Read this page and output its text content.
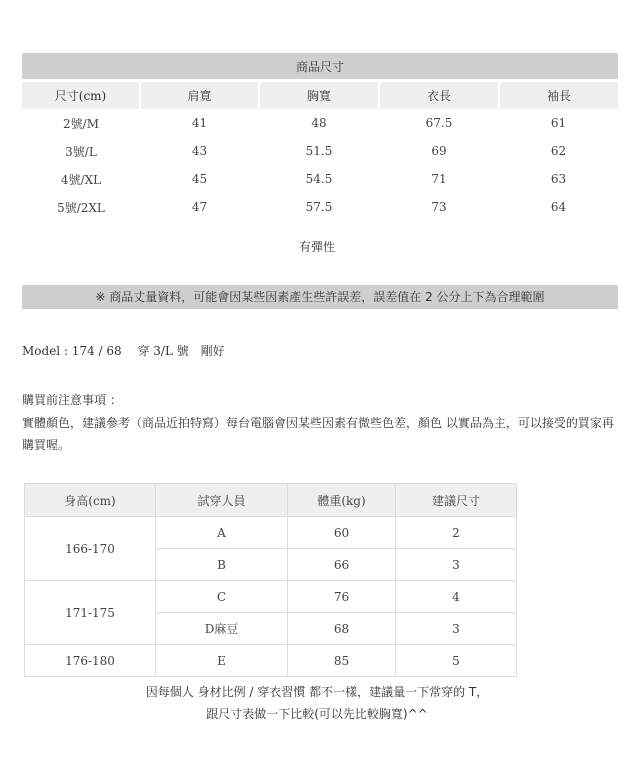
商品尺寸				
尺寸(cm)	肩寬	胸寬	衣長	袖長
2號/M	41	48	67.5	61
3號/L	43	51.5	69	62
4號/XL	45	54.5	71	63
5號/2XL	47	57.5	73	64
有彈性
※ 商品丈量資料，可能會因某些因素產生些許誤差，誤差值在 2 公分上下為合理範圍
Model : 174 / 68　 穿 3/L 號　剛好
購買前注意事項 ：
實體顏色，建議參考（商品近拍特寫）每台電腦會因某些因素有微些色差，顏色 以實品為主，可以接受的買家再購買喔。
身高(cm)	試穿人員	體重(kg)	建議尺寸
166-170	A	60	2
	B	66	3
171-175	C	76	4
	D麻豆	68	3
176-180	E	85	5
因每個人 身材比例 / 穿衣習慣 都不一樣，建議量一下常穿的 T，
跟尺寸表做一下比較(可以先比較胸寬)^^
